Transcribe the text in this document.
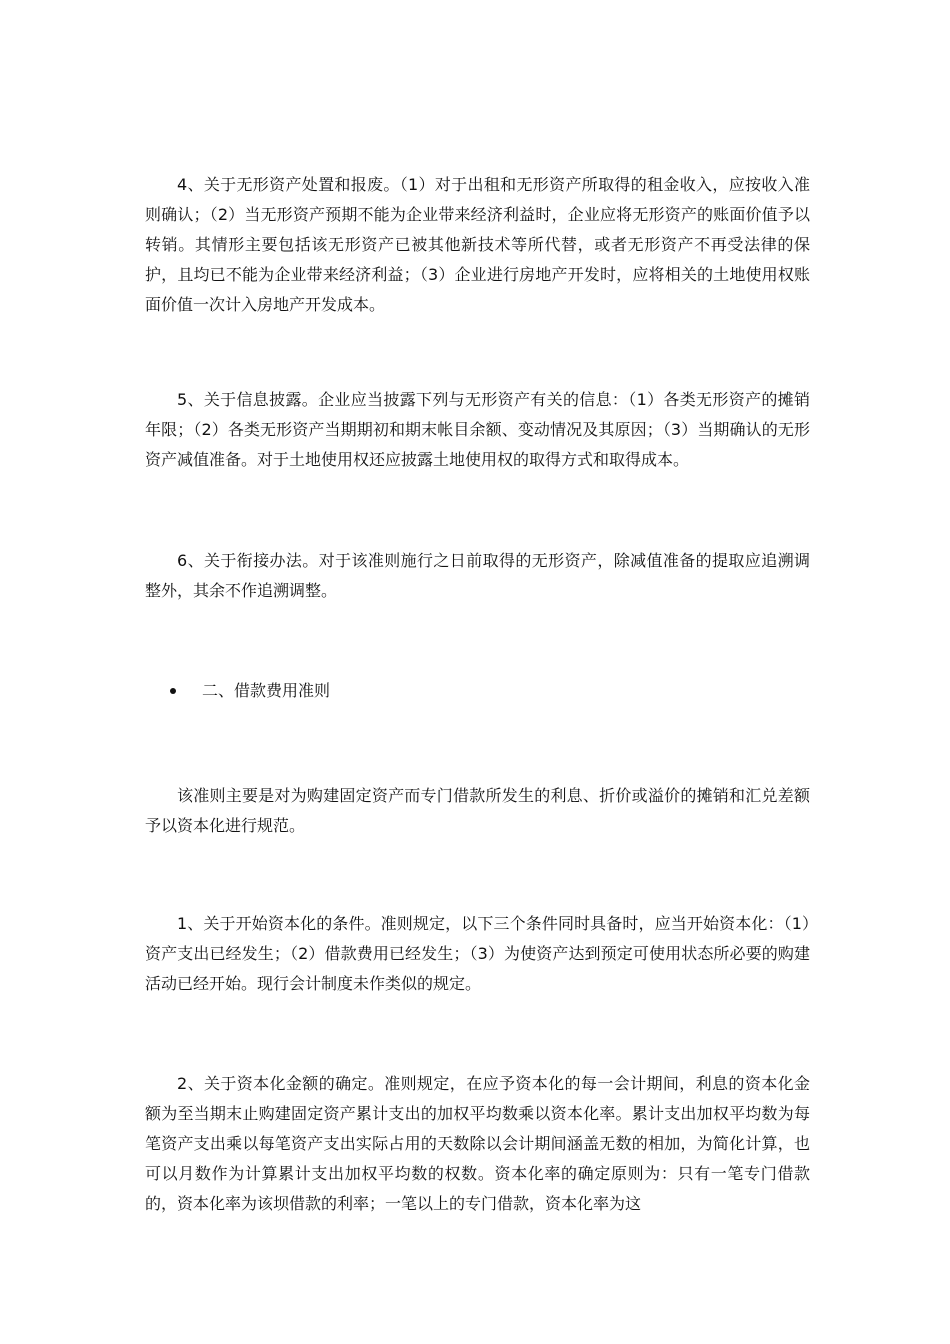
4、关于无形资产处置和报废。（1）对于出租和无形资产所取得的租金收入，应按收入准则确认；（2）当无形资产预期不能为企业带来经济利益时，企业应将无形资产的账面价值予以转销。其情形主要包括该无形资产已被其他新技术等所代替，或者无形资产不再受法律的保护，且均已不能为企业带来经济利益；（3）企业进行房地产开发时，应将相关的土地使用权账面价值一次计入房地产开发成本。

5、关于信息披露。企业应当披露下列与无形资产有关的信息：（1）各类无形资产的摊销年限；（2）各类无形资产当期期初和期末帐目余额、变动情况及其原因；（3）当期确认的无形资产减值准备。对于土地使用权还应披露土地使用权的取得方式和取得成本。

6、关于衔接办法。对于该准则施行之日前取得的无形资产，除减值准备的提取应追溯调整外，其余不作追溯调整。

二、借款费用准则

该准则主要是对为购建固定资产而专门借款所发生的利息、折价或溢价的摊销和汇兑差额予以资本化进行规范。

1、关于开始资本化的条件。准则规定，以下三个条件同时具备时，应当开始资本化：（1）资产支出已经发生；（2）借款费用已经发生；（3）为使资产达到预定可使用状态所必要的购建活动已经开始。现行会计制度未作类似的规定。

2、关于资本化金额的确定。准则规定，在应予资本化的每一会计期间，利息的资本化金额为至当期末止购建固定资产累计支出的加权平均数乘以资本化率。累计支出加权平均数为每笔资产支出乘以每笔资产支出实际占用的天数除以会计期间涵盖无数的相加，为简化计算，也可以月数作为计算累计支出加权平均数的权数。资本化率的确定原则为：只有一笔专门借款的，资本化率为该坝借款的利率；一笔以上的专门借款，资本化率为这
